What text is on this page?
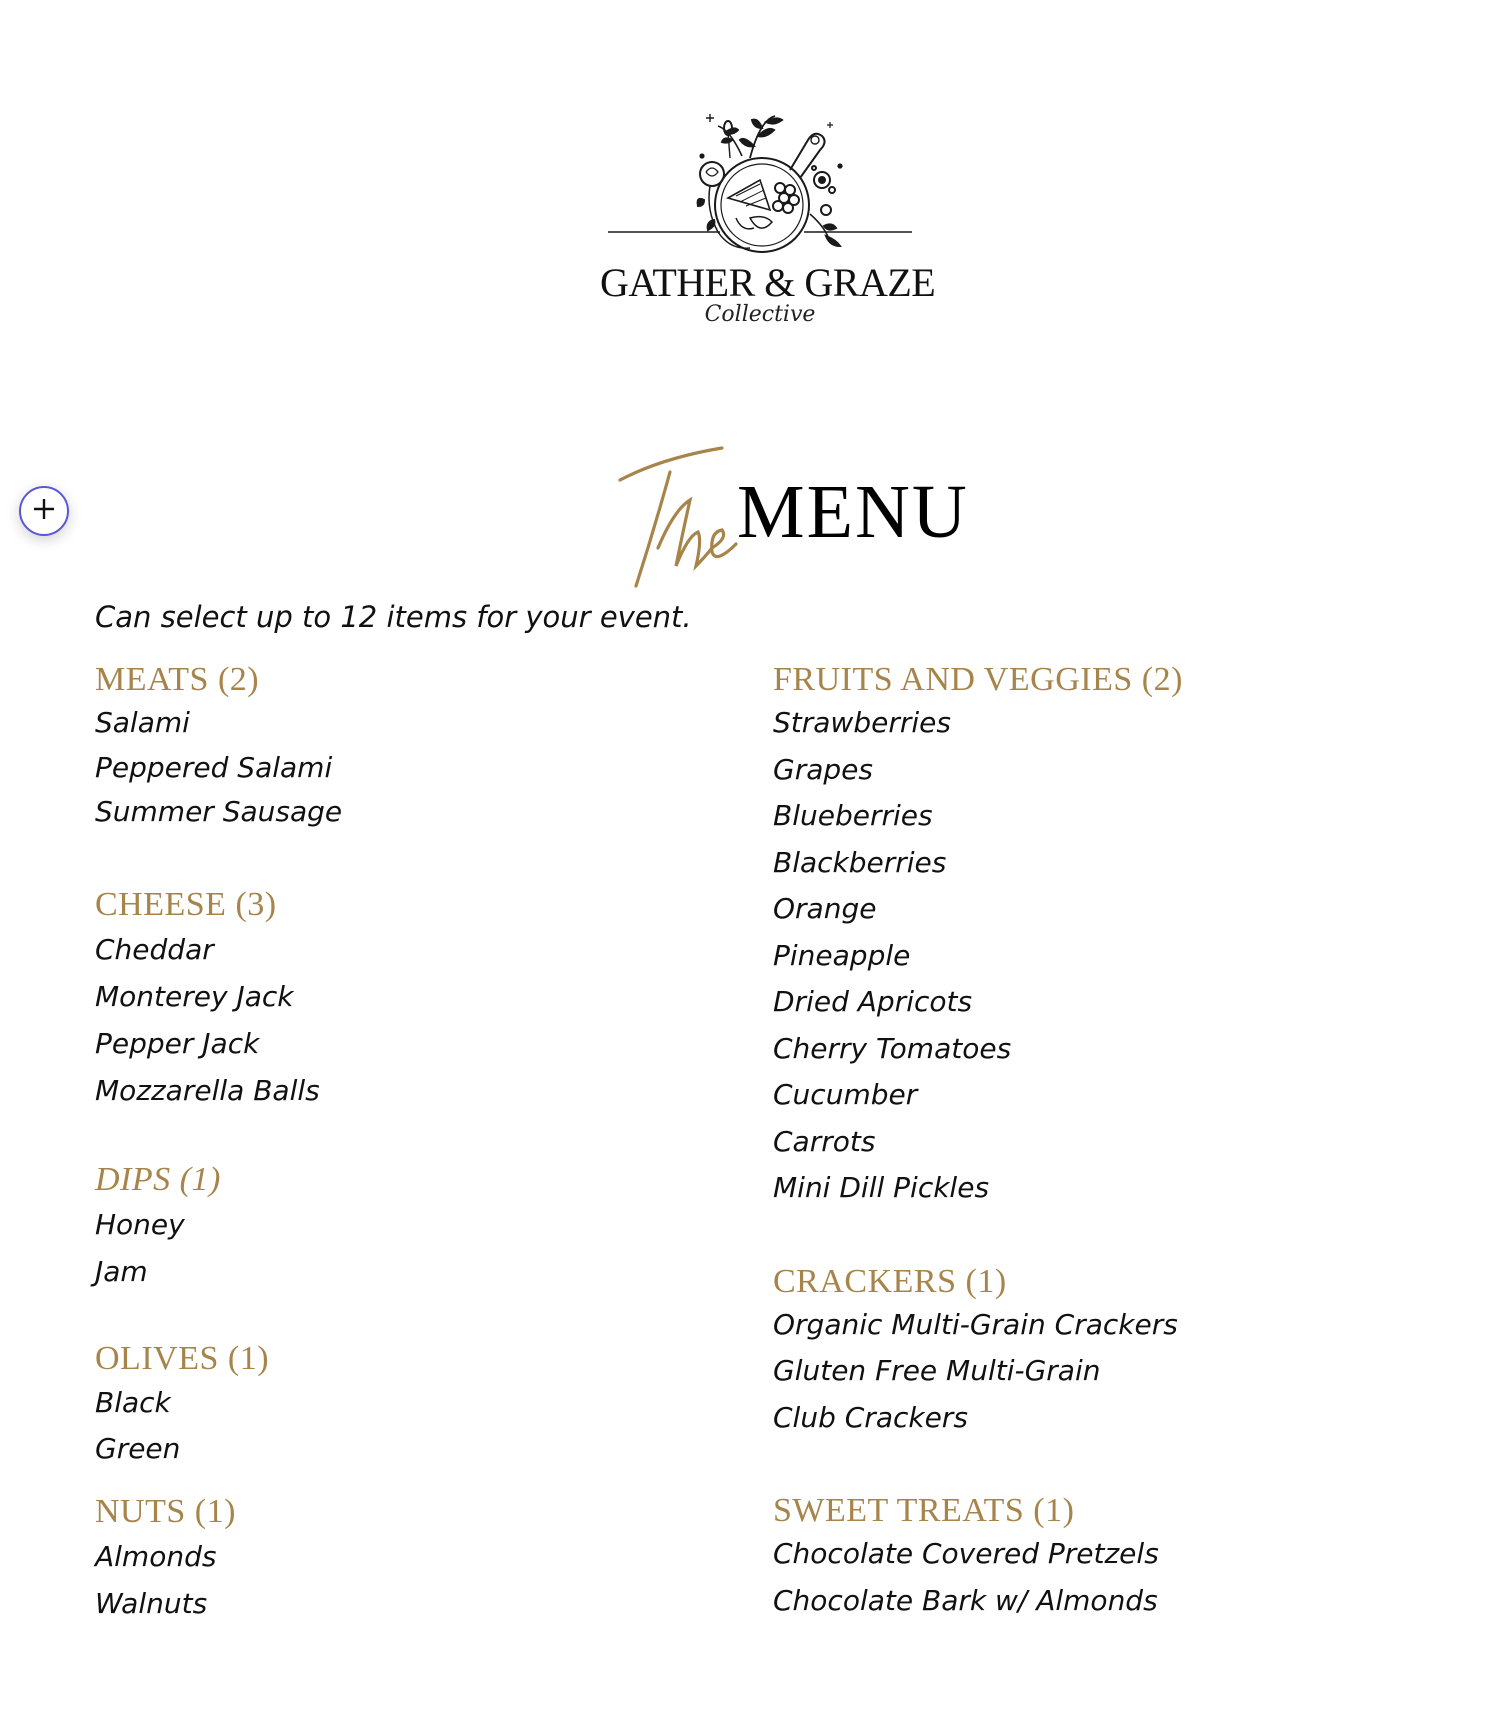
GATHER & GRAZE
Collective
MENU
Can select up to 12 items for your event.
MEATS (2)
Salami
Peppered Salami
Summer Sausage
CHEESE (3)
Cheddar
Monterey Jack
Pepper Jack
Mozzarella Balls
DIPS (1)
Honey
Jam
OLIVES (1)
Black
Green
NUTS (1)
Almonds
Walnuts
FRUITS AND VEGGIES (2)
Strawberries
Grapes
Blueberries
Blackberries
Orange
Pineapple
Dried Apricots
Cherry Tomatoes
Cucumber
Carrots
Mini Dill Pickles
CRACKERS (1)
Organic Multi-Grain Crackers
Gluten Free Multi-Grain
Club Crackers
SWEET TREATS (1)
Chocolate Covered Pretzels
Chocolate Bark w/ Almonds
